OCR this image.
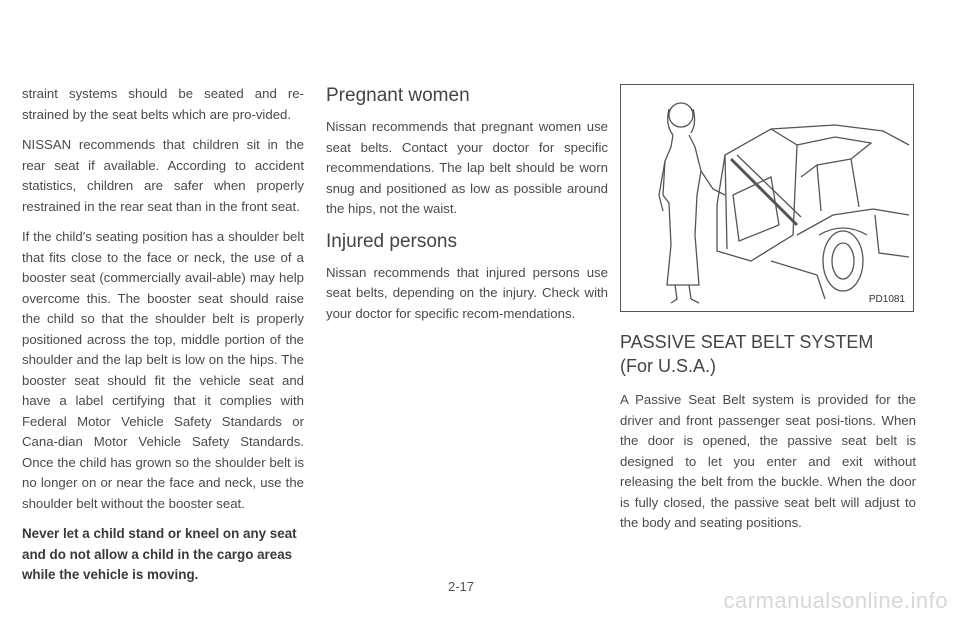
straint systems should be seated and re-strained by the seat belts which are pro-vided.

NISSAN recommends that children sit in the rear seat if available. According to accident statistics, children are safer when properly restrained in the rear seat than in the front seat.

If the child's seating position has a shoulder belt that fits close to the face or neck, the use of a booster seat (commercially avail-able) may help overcome this. The booster seat should raise the child so that the shoulder belt is properly positioned across the top, middle portion of the shoulder and the lap belt is low on the hips. The booster seat should fit the vehicle seat and have a label certifying that it complies with Federal Motor Vehicle Safety Standards or Cana-dian Motor Vehicle Safety Standards. Once the child has grown so the shoulder belt is no longer on or near the face and neck, use the shoulder belt without the booster seat.

Never let a child stand or kneel on any seat and do not allow a child in the cargo areas while the vehicle is moving.

Pregnant women

Nissan recommends that pregnant women use seat belts. Contact your doctor for specific recommendations. The lap belt should be worn snug and positioned as low as possible around the hips, not the waist.

Injured persons

Nissan recommends that injured persons use seat belts, depending on the injury. Check with your doctor for specific recom-mendations.

PD1081
PASSIVE SEAT BELT SYSTEM
(For U.S.A.)

A Passive Seat Belt system is provided for the driver and front passenger seat posi-tions. When the door is opened, the passive seat belt is designed to let you enter and exit without releasing the belt from the buckle. When the door is fully closed, the passive seat belt will adjust to the body and seating positions.

2-17
carmanualsonline.info
